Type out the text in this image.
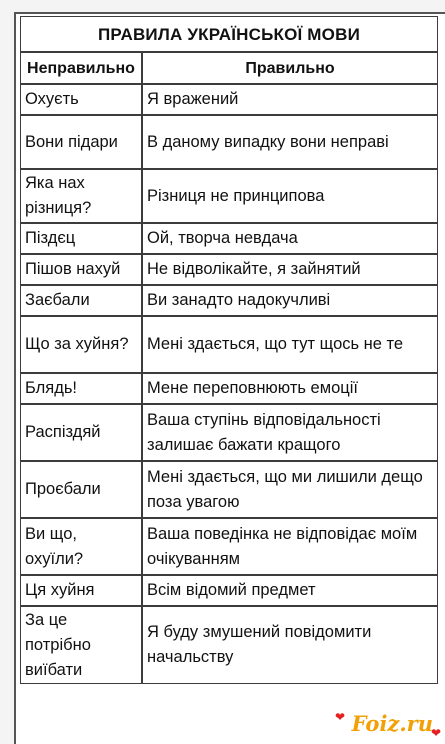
ПРАВИЛА УКРАЇНСЬКОЇ МОВИ	
Неправильно	Правильно
Охуєть	Я вражений
Вони підари	В даному випадку вони неправі
Яка нах різниця?	Різниця не принципова
Піздєц	Ой, творча невдача
Пішов нахуй	Не відволікайте, я зайнятий
Заєбали	Ви занадто надокучливі
Що за хуйня?	Мені здається, що тут щось не те
Блядь!	Мене переповнюють емоції
Распіздяй	Ваша ступінь відповідальності залишає бажати кращого
Проєбали	Мені здається, що ми лишили дещо поза увагою
Ви що, охуїли?	Ваша поведінка не відповідає моїм очікуванням
Ця хуйня	Всім відомий предмет
За це потрібно виїбати	Я буду змушений повідомити начальству
❤ Foiz.ru
❤
